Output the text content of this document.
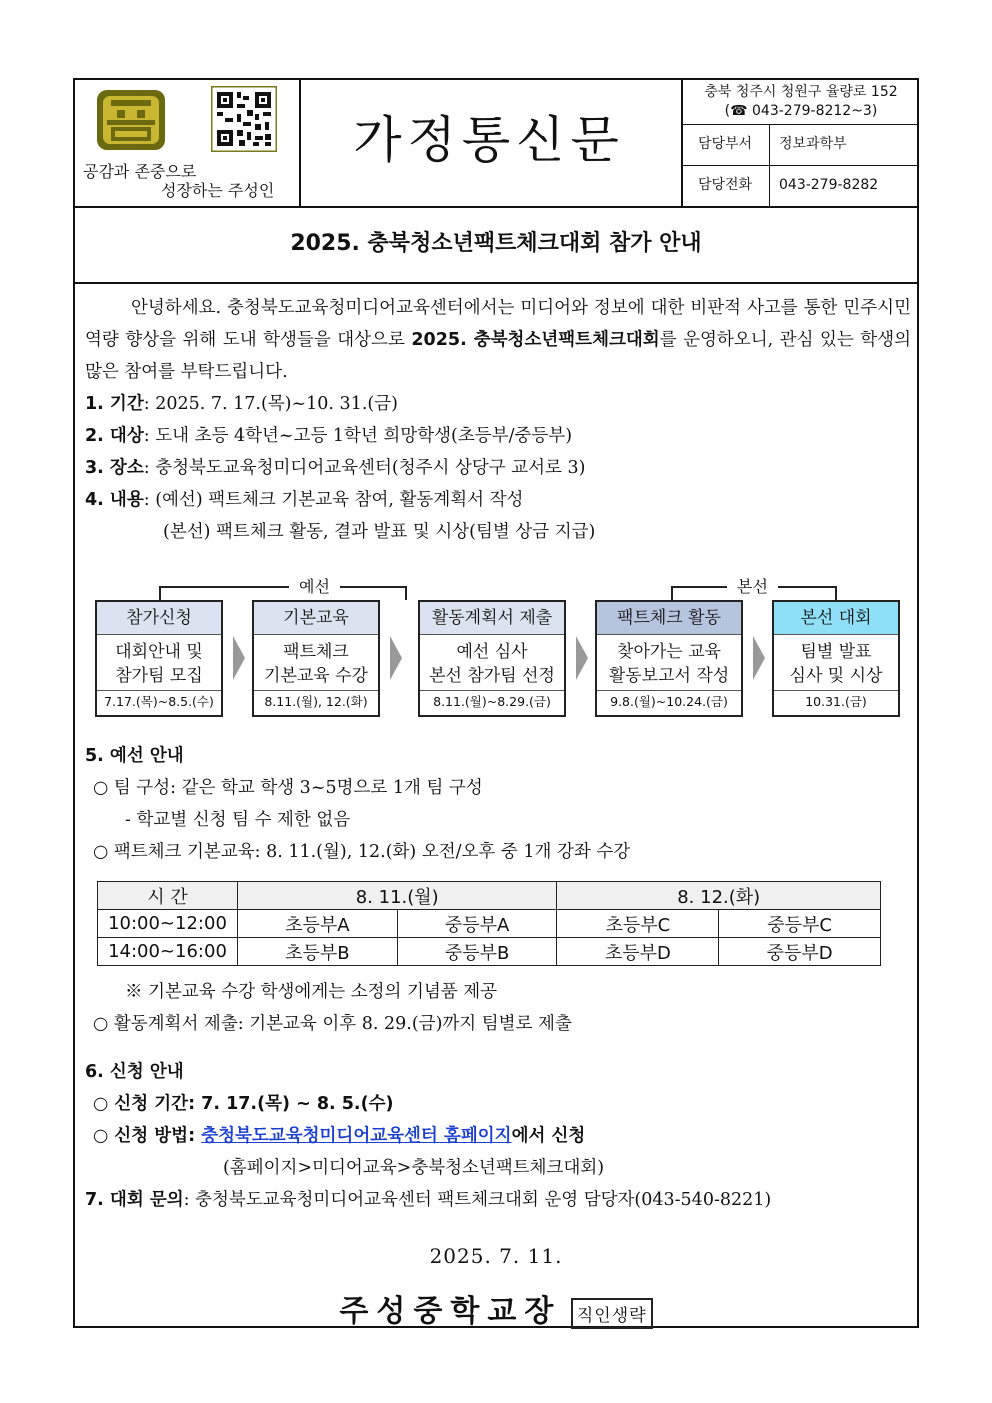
공감과 존중으로
성장하는 주성인
가정통신문
충북 청주시 청원구 율량로 152
(☎ 043-279-8212~3)
담당부서	정보과학부
담당전화	043-279-8282
2025. 충북청소년팩트체크대회 참가 안내
안녕하세요. 충청북도교육청미디어교육센터에서는 미디어와 정보에 대한 비판적 사고를 통한 민주시민 역량 향상을 위해 도내 학생들을 대상으로 2025. 충북청소년팩트체크대회를 운영하오니, 관심 있는 학생의 많은 참여를 부탁드립니다.
1. 기간: 2025. 7. 17.(목)~10. 31.(금)
2. 대상: 도내 초등 4학년~고등 1학년 희망학생(초등부/중등부)
3. 장소: 충청북도교육청미디어교육센터(청주시 상당구 교서로 3)
4. 내용: (예선) 팩트체크 기본교육 참여, 활동계획서 작성
(본선) 팩트체크 활동, 결과 발표 및 시상(팀별 상금 지급)
예선	본선
참가신청
대회안내 및
참가팀 모집
7.17.(목)~8.5.(수)
기본교육
팩트체크
기본교육 수강
8.11.(월), 12.(화)
활동계획서 제출
예선 심사
본선 참가팀 선정
8.11.(월)~8.29.(금)
팩트체크 활동
찾아가는 교육
활동보고서 작성
9.8.(월)~10.24.(금)
본선 대회
팀별 발표
심사 및 시상
10.31.(금)
5. 예선 안내
○ 팀 구성: 같은 학교 학생 3~5명으로 1개 팀 구성
- 학교별 신청 팀 수 제한 없음
○ 팩트체크 기본교육: 8. 11.(월), 12.(화) 오전/오후 중 1개 강좌 수강
시 간	8. 11.(월)		8. 12.(화)	
10:00~12:00	초등부A	중등부A	초등부C	중등부C
14:00~16:00	초등부B	중등부B	초등부D	중등부D
※ 기본교육 수강 학생에게는 소정의 기념품 제공
○ 활동계획서 제출: 기본교육 이후 8. 29.(금)까지 팀별로 제출
6. 신청 안내
○ 신청 기간: 7. 17.(목) ~ 8. 5.(수)
○ 신청 방법: 충청북도교육청미디어교육센터 홈페이지에서 신청
(홈페이지>미디어교육>충북청소년팩트체크대회)
7. 대회 문의: 충청북도교육청미디어교육센터 팩트체크대회 운영 담당자(043-540-8221)
2025. 7. 11.
주성중학교장 직인생략
